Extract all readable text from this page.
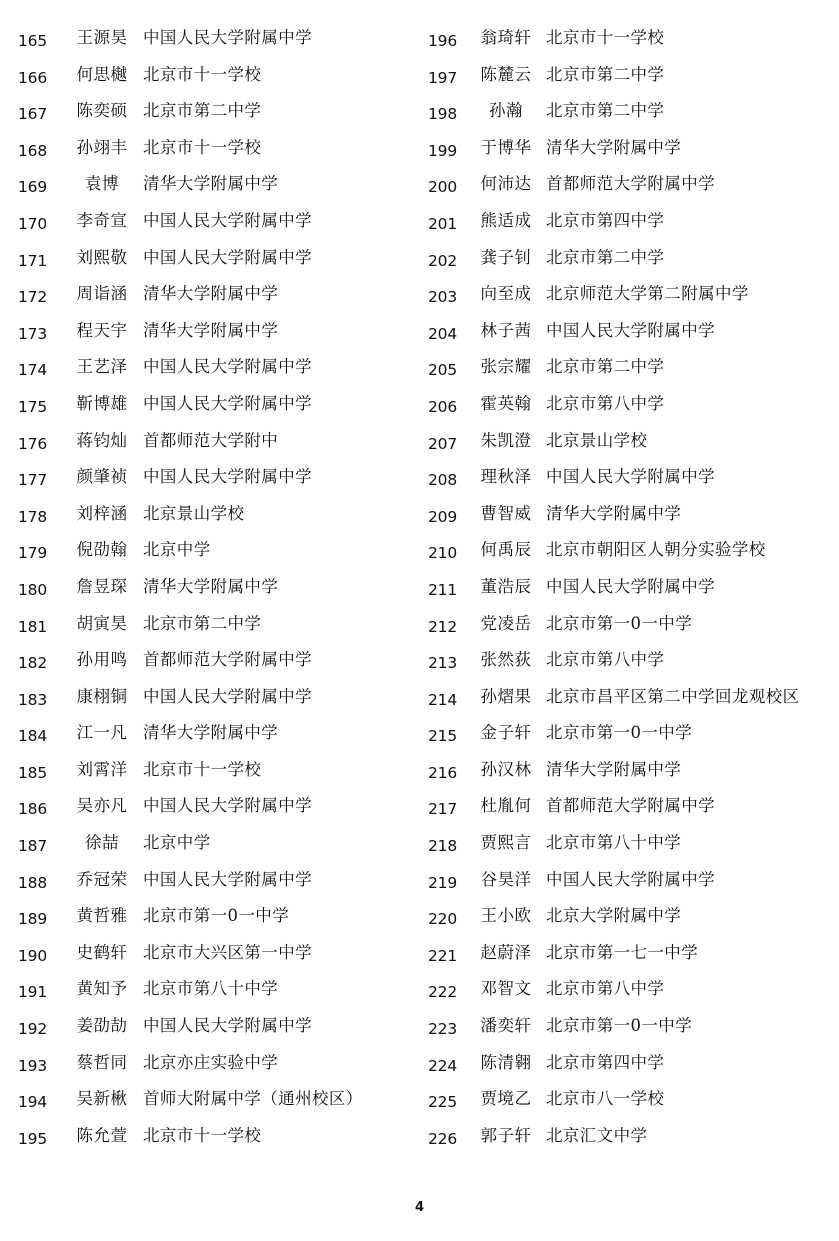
165	王源昊 中国人民大学附属中学
166	何思樾 北京市十一学校
167	陈奕硕 北京市第二中学
168	孙翊丰 北京市十一学校
169	袁博	清华大学附属中学
170	李奇宣 中国人民大学附属中学
171	刘熙敬 中国人民大学附属中学
172	周诣涵 清华大学附属中学
173	程天宇 清华大学附属中学
174	王艺泽 中国人民大学附属中学
175	靳博雄 中国人民大学附属中学
176	蒋钧灿 首都师范大学附中
177	颜肇祯 中国人民大学附属中学
178	刘梓涵 北京景山学校
179	倪劭翰 北京中学
180	詹昱琛 清华大学附属中学
181	胡寅昊 北京市第二中学
182	孙用鸣 首都师范大学附属中学
183	康栩铜 中国人民大学附属中学
184	江一凡 清华大学附属中学
185	刘霄洋 北京市十一学校
186	吴亦凡 中国人民大学附属中学
187	徐喆	北京中学
188	乔冠荣 中国人民大学附属中学
189	黄哲雅 北京市第一0一中学
190	史鹤轩 北京市大兴区第一中学
191	黄知予 北京市第八十中学
192	姜劭劼 中国人民大学附属中学
193	蔡哲同 北京亦庄实验中学
194	吴新楸 首师大附属中学（通州校区）
195	陈允萱 北京市十一学校
196	翁琦轩 北京市十一学校
197	陈麓云 北京市第二中学
198	孙瀚	北京市第二中学
199	于博华 清华大学附属中学
200	何沛达 首都师范大学附属中学
201	熊适成 北京市第四中学
202	龚子钊 北京市第二中学
203	向至成 北京师范大学第二附属中学
204	林子茜 中国人民大学附属中学
205	张宗耀 北京市第二中学
206	霍英翰 北京市第八中学
207	朱凯澄 北京景山学校
208	理秋泽 中国人民大学附属中学
209	曹智威 清华大学附属中学
210	何禹辰 北京市朝阳区人朝分实验学校
211	董浩辰 中国人民大学附属中学
212	党凌岳 北京市第一0一中学
213	张然荻 北京市第八中学
214	孙熠果 北京市昌平区第二中学回龙观校区
215	金子轩 北京市第一0一中学
216	孙汉林 清华大学附属中学
217	杜胤何 首都师范大学附属中学
218	贾熙言 北京市第八十中学
219	谷昊洋 中国人民大学附属中学
220	王小欧 北京大学附属中学
221	赵蔚泽 北京市第一七一中学
222	邓智文 北京市第八中学
223	潘奕轩 北京市第一0一中学
224	陈清翱 北京市第四中学
225	贾境乙 北京市八一学校
226	郭子轩 北京汇文中学
4
